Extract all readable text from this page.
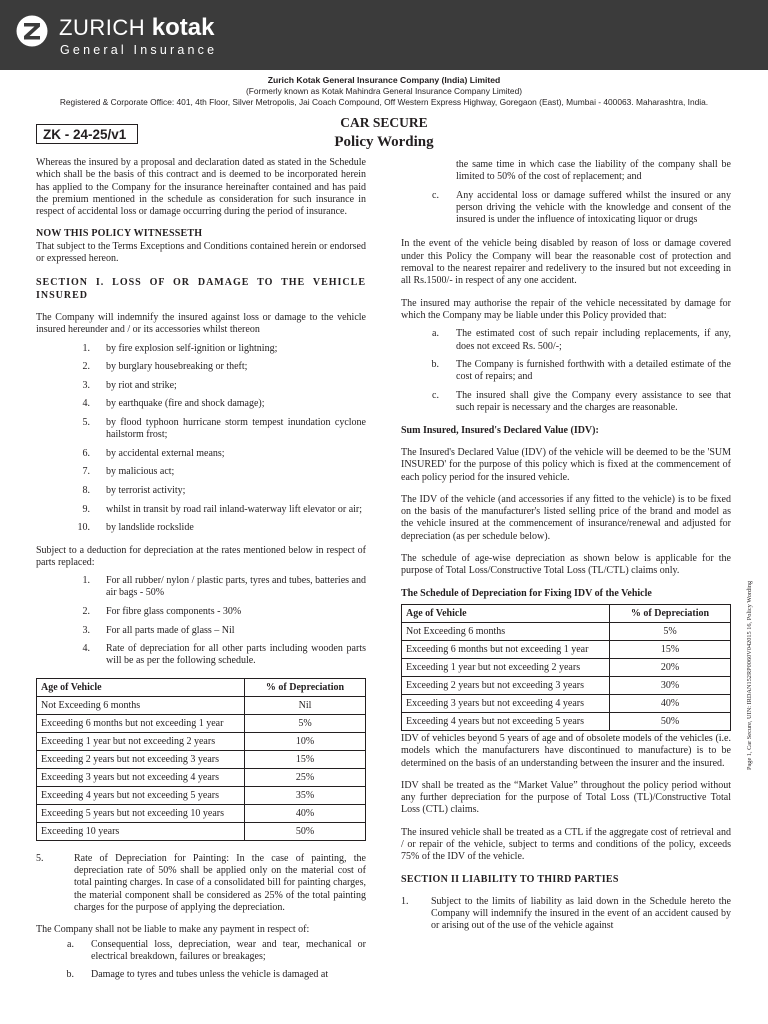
ZURICH kotak
General Insurance
Zurich Kotak General Insurance Company (India) Limited
(Formerly known as Kotak Mahindra General Insurance Company Limited)
Registered & Corporate Office: 401, 4th Floor, Silver Metropolis, Jai Coach Compound, Off Western Express Highway, Goregaon (East), Mumbai - 400063. Maharashtra, India.
ZK - 24-25/v1
CAR SECURE
Policy Wording

Whereas the insured by a proposal and declaration dated as stated in the Schedule which shall be the basis of this contract and is deemed to be incorporated herein has applied to the Company for the insurance hereinafter contained and has paid the premium mentioned in the schedule as consideration for such insurance in respect of accidental loss or damage occurring during the period of insurance.

NOW THIS POLICY WITNESSETH
That subject to the Terms Exceptions and Conditions contained herein or endorsed or expressed hereon.

SECTION I. LOSS OF OR DAMAGE TO THE VEHICLE INSURED

The Company will indemnify the insured against loss or damage to the vehicle insured hereunder and / or its accessories whilst thereon

1.	by fire explosion self-ignition or lightning;
2.	by burglary housebreaking or theft;
3.	by riot and strike;
4.	by earthquake (fire and shock damage);
5.	by flood typhoon hurricane storm tempest inundation cyclone hailstorm frost;
6.	by accidental external means;
7.	by malicious act;
8.	by terrorist activity;
9.	whilst in transit by road rail inland-waterway lift elevator or air;
10.	by landslide rockslide

Subject to a deduction for depreciation at the rates mentioned below in respect of parts replaced:

1.	For all rubber/ nylon / plastic parts, tyres and tubes, batteries and air bags - 50%
2.	For fibre glass components - 30%
3.	For all parts made of glass – Nil
4.	Rate of depreciation for all other parts including wooden parts will be as per the following schedule.
Age of Vehicle	% of Depreciation
Not Exceeding 6 months	Nil
Exceeding 6 months but not exceeding 1 year	5%
Exceeding 1 year but not exceeding 2 years	10%
Exceeding 2 years but not exceeding 3 years	15%
Exceeding 3 years but not exceeding 4 years	25%
Exceeding 4 years but not exceeding 5 years	35%
Exceeding 5 years but not exceeding 10 years	40%
Exceeding 10 years	50%
5.	Rate of Depreciation for Painting: In the case of painting, the depreciation rate of 50% shall be applied only on the material cost of total painting charges. In case of a consolidated bill for painting charges, the material component shall be considered as 25% of the total painting charges for the purpose of applying the depreciation.

The Company shall not be liable to make any payment in respect of:

a.	Consequential loss, depreciation, wear and tear, mechanical or electrical breakdown, failures or breakages;
b.	Damage to tyres and tubes unless the vehicle is damaged at

the same time in which case the liability of the company shall be limited to 50% of the cost of replacement; and

c.	Any accidental loss or damage suffered whilst the insured or any person driving the vehicle with the knowledge and consent of the insured is under the influence of intoxicating liquor or drugs

In the event of the vehicle being disabled by reason of loss or damage covered under this Policy the Company will bear the reasonable cost of protection and removal to the nearest repairer and redelivery to the insured but not exceeding in all Rs.1500/- in respect of any one accident.

The insured may authorise the repair of the vehicle necessitated by damage for which the Company may be liable under this Policy provided that:

a.	The estimated cost of such repair including replacements, if any, does not exceed Rs. 500/-;
b.	The Company is furnished forthwith with a detailed estimate of the cost of repairs; and
c.	The insured shall give the Company every assistance to see that such repair is necessary and the charges are reasonable.

Sum Insured, Insured's Declared Value (IDV):

The Insured's Declared Value (IDV) of the vehicle will be deemed to be the 'SUM INSURED' for the purpose of this policy which is fixed at the commencement of each policy period for the insured vehicle.

The IDV of the vehicle (and accessories if any fitted to the vehicle) is to be fixed on the basis of the manufacturer's listed selling price of the brand and model as the vehicle insured at the commencement of insurance/renewal and adjusted for depreciation (as per schedule below).

The schedule of age-wise depreciation as shown below is applicable for the purpose of Total Loss/Constructive Total Loss (TL/CTL) claims only.

The Schedule of Depreciation for Fixing IDV of the Vehicle

Age of Vehicle	% of Depreciation
Not Exceeding 6 months	5%
Exceeding 6 months but not exceeding 1 year	15%
Exceeding 1 year but not exceeding 2 years	20%
Exceeding 2 years but not exceeding 3 years	30%
Exceeding 3 years but not exceeding 4 years	40%
Exceeding 4 years but not exceeding 5 years	50%

IDV of vehicles beyond 5 years of age and of obsolete models of the vehicles (i.e. models which the manufacturers have discontinued to manufacture) is to be determined on the basis of an understanding between the insurer and the insured.

IDV shall be treated as the “Market Value” throughout the policy period without any further depreciation for the purpose of Total Loss (TL)/Constructive Total Loss (CTL) claims.

The insured vehicle shall be treated as a CTL if the aggregate cost of retrieval and / or repair of the vehicle, subject to terms and conditions of the policy, exceeds 75% of the IDV of the vehicle.

SECTION II LIABILITY TO THIRD PARTIES

1.	Subject to the limits of liability as laid down in the Schedule hereto the Company will indemnify the insured in the event of an accident caused by or arising out of the use of the vehicle against

Page 1, Car Secure, UIN: IRDAN152RP0060V042015 16, Policy Wording
